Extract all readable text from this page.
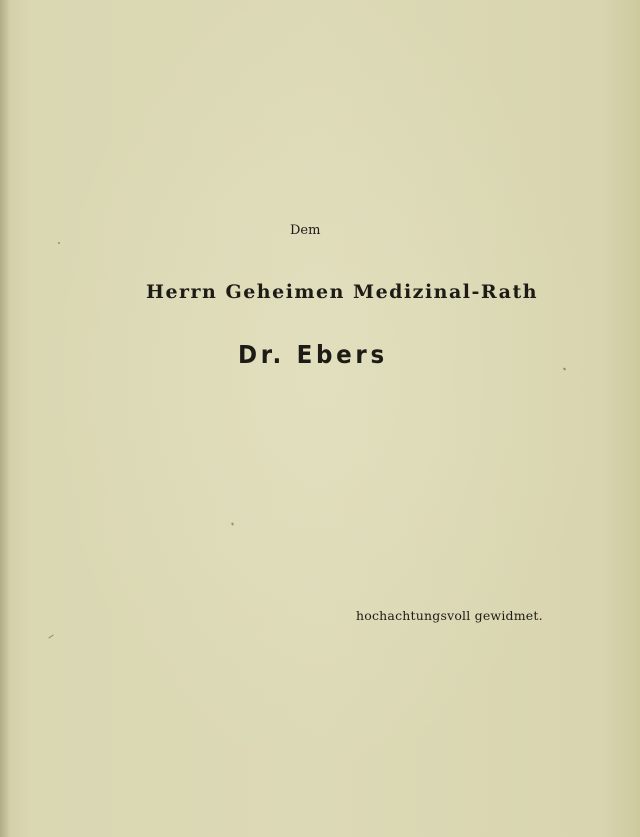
Dem
Herrn Geheimen Medizinal-Rath
Dr. Ebers
hochachtungsvoll gewidmet.
